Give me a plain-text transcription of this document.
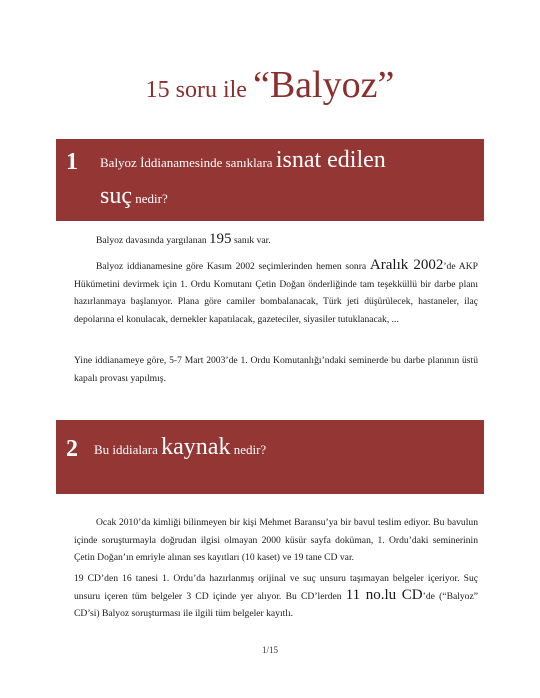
15 soru ile “Balyoz”
1 Balyoz İddianamesinde sanıklara isnat edilen
suç nedir?

Balyoz davasında yargılanan 195 sanık var.

Balyoz iddianamesine göre Kasım 2002 seçimlerinden hemen sonra Aralık 2002’de AKP Hükümetini devirmek için 1. Ordu Komutanı Çetin Doğan önderliğinde tam teşekküllü bir darbe planı hazırlanmaya başlanıyor. Plana göre camiler bombalanacak, Türk jeti düşürülecek, hastaneler, ilaç depolarına el konulacak, dernekler kapatılacak, gazeteciler, siyasiler tutuklanacak, ...

Yine iddianameye göre, 5-7 Mart 2003’de 1. Ordu Komutanlığı’ndaki seminerde bu darbe planının üstü kapalı provası yapılmış.

2 Bu iddialara kaynak nedir?

Ocak 2010’da kimliği bilinmeyen bir kişi Mehmet Baransu’ya bir bavul teslim ediyor. Bu bavulun içinde soruşturmayla doğrudan ilgisi olmayan 2000 küsür sayfa doküman, 1. Ordu’daki seminerinin Çetin Doğan’ın emriyle alınan ses kayıtları (10 kaset) ve 19 tane CD var.

19 CD’den 16 tanesi 1. Ordu’da hazırlanmış orijinal ve suç unsuru taşımayan belgeler içeriyor. Suç unsuru içeren tüm belgeler 3 CD içinde yer alıyor. Bu CD’lerden 11 no.lu CD’de (“Balyoz” CD’si) Balyoz soruşturması ile ilgili tüm belgeler kayıtlı.

1/15
